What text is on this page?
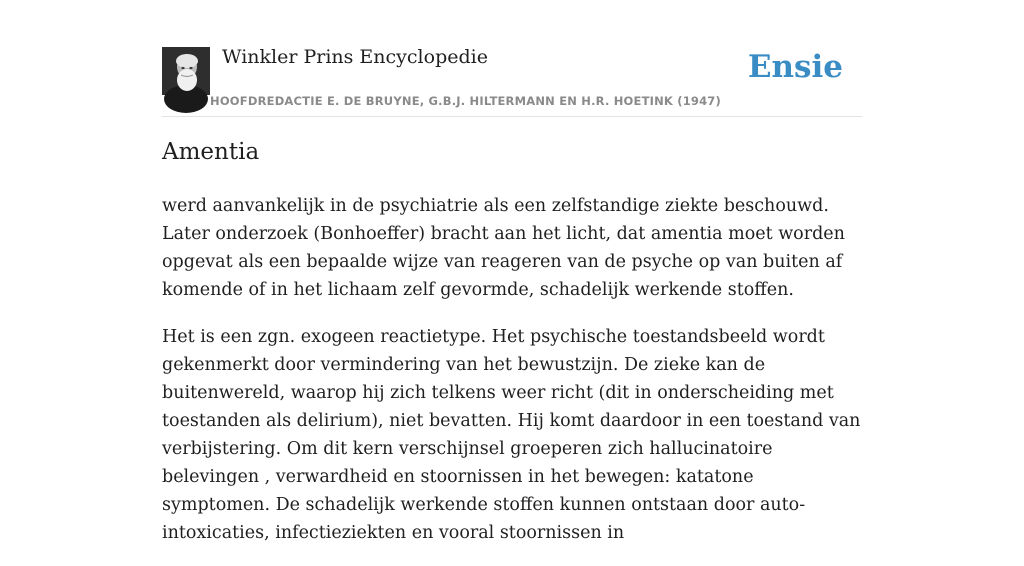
Winkler Prins Encyclopedie
HOOFDREDACTIE E. DE BRUYNE, G.B.J. HILTERMANN EN H.R. HOETINK (1947)
Ensie
Amentia

werd aanvankelijk in de psychiatrie als een zelfstandige ziekte beschouwd. Later onderzoek (Bonhoeffer) bracht aan het licht, dat amentia moet worden opgevat als een bepaalde wijze van reageren van de psyche op van buiten af komende of in het lichaam zelf gevormde, schadelijk werkende stoffen.

Het is een zgn. exogeen reactietype. Het psychische toestandsbeeld wordt gekenmerkt door vermindering van het bewustzijn. De zieke kan de buitenwereld, waarop hij zich telkens weer richt (dit in onderscheiding met toestanden als delirium), niet bevatten. Hij komt daardoor in een toestand van verbijstering. Om dit kern verschijnsel groeperen zich hallucinatoire belevingen , verwardheid en stoornissen in het bewegen: katatone symptomen. De schadelijk werkende stoffen kunnen ontstaan door auto-intoxicaties, infectieziekten en vooral stoornissen in
